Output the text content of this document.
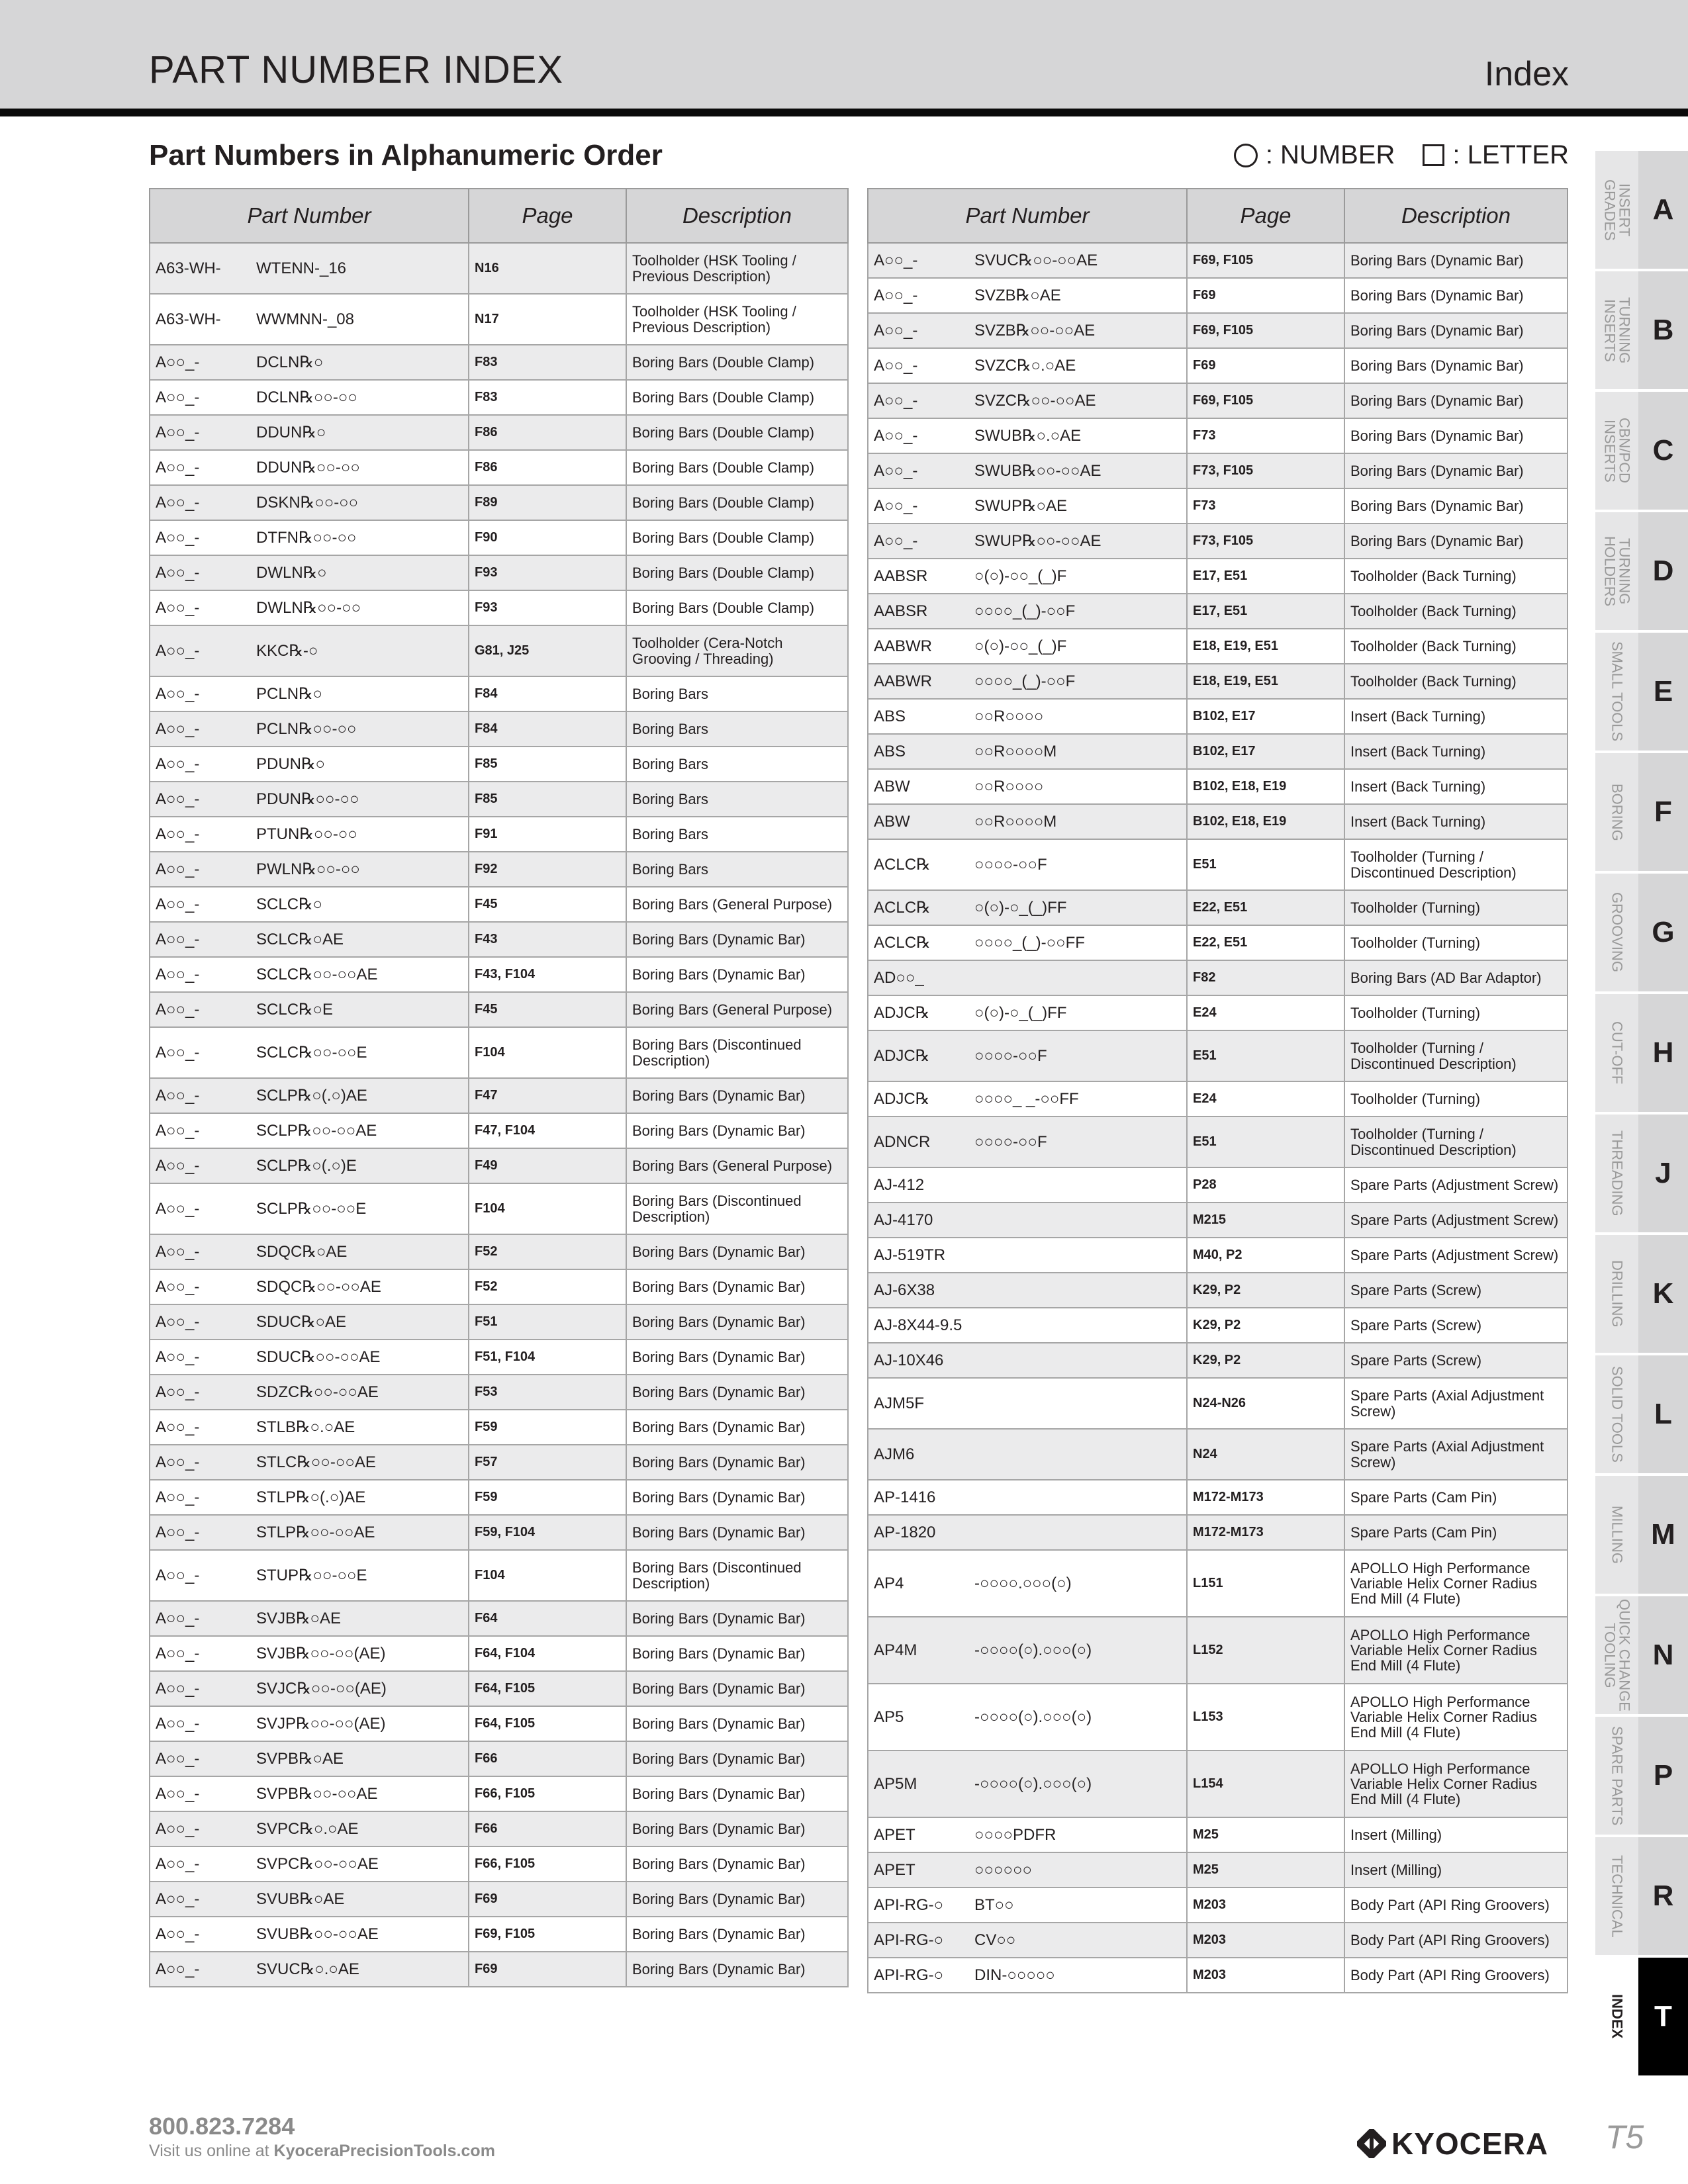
PART NUMBER INDEX	Index
Part Numbers in Alphanumeric Order	: NUMBER : LETTER
Part Number	Page	Description
A63-WH- WTENN-_16	N16	Toolholder (HSK Tooling / Previous Description)
A63-WH- WWMNN-_08	N17	Toolholder (HSK Tooling / Previous Description)
A○○_- DCLN℞○	F83	Boring Bars (Double Clamp)
A○○_- DCLN℞○○-○○	F83	Boring Bars (Double Clamp)
A○○_- DDUN℞○	F86	Boring Bars (Double Clamp)
A○○_- DDUN℞○○-○○	F86	Boring Bars (Double Clamp)
A○○_- DSKN℞○○-○○	F89	Boring Bars (Double Clamp)
A○○_- DTFN℞○○-○○	F90	Boring Bars (Double Clamp)
A○○_- DWLN℞○	F93	Boring Bars (Double Clamp)
A○○_- DWLN℞○○-○○	F93	Boring Bars (Double Clamp)
A○○_- KKC℞-○	G81, J25	Toolholder (Cera-Notch Grooving / Threading)
A○○_- PCLN℞○	F84	Boring Bars
A○○_- PCLN℞○○-○○	F84	Boring Bars
A○○_- PDUN℞○	F85	Boring Bars
A○○_- PDUN℞○○-○○	F85	Boring Bars
A○○_- PTUN℞○○-○○	F91	Boring Bars
A○○_- PWLN℞○○-○○	F92	Boring Bars
A○○_- SCLC℞○	F45	Boring Bars (General Purpose)
A○○_- SCLC℞○AE	F43	Boring Bars (Dynamic Bar)
A○○_- SCLC℞○○-○○AE	F43, F104	Boring Bars (Dynamic Bar)
A○○_- SCLC℞○E	F45	Boring Bars (General Purpose)
A○○_- SCLC℞○○-○○E	F104	Boring Bars (Discontinued Description)
A○○_- SCLP℞○(.○)AE	F47	Boring Bars (Dynamic Bar)
A○○_- SCLP℞○○-○○AE	F47, F104	Boring Bars (Dynamic Bar)
A○○_- SCLP℞○(.○)E	F49	Boring Bars (General Purpose)
A○○_- SCLP℞○○-○○E	F104	Boring Bars (Discontinued Description)
A○○_- SDQC℞○AE	F52	Boring Bars (Dynamic Bar)
A○○_- SDQC℞○○-○○AE	F52	Boring Bars (Dynamic Bar)
A○○_- SDUC℞○AE	F51	Boring Bars (Dynamic Bar)
A○○_- SDUC℞○○-○○AE	F51, F104	Boring Bars (Dynamic Bar)
A○○_- SDZC℞○○-○○AE	F53	Boring Bars (Dynamic Bar)
A○○_- STLB℞○.○AE	F59	Boring Bars (Dynamic Bar)
A○○_- STLC℞○○-○○AE	F57	Boring Bars (Dynamic Bar)
A○○_- STLP℞○(.○)AE	F59	Boring Bars (Dynamic Bar)
A○○_- STLP℞○○-○○AE	F59, F104	Boring Bars (Dynamic Bar)
A○○_- STUP℞○○-○○E	F104	Boring Bars (Discontinued Description)
A○○_- SVJB℞○AE	F64	Boring Bars (Dynamic Bar)
A○○_- SVJB℞○○-○○(AE)	F64, F104	Boring Bars (Dynamic Bar)
A○○_- SVJC℞○○-○○(AE)	F64, F105	Boring Bars (Dynamic Bar)
A○○_- SVJP℞○○-○○(AE)	F64, F105	Boring Bars (Dynamic Bar)
A○○_- SVPB℞○AE	F66	Boring Bars (Dynamic Bar)
A○○_- SVPB℞○○-○○AE	F66, F105	Boring Bars (Dynamic Bar)
A○○_- SVPC℞○.○AE	F66	Boring Bars (Dynamic Bar)
A○○_- SVPC℞○○-○○AE	F66, F105	Boring Bars (Dynamic Bar)
A○○_- SVUB℞○AE	F69	Boring Bars (Dynamic Bar)
A○○_- SVUB℞○○-○○AE	F69, F105	Boring Bars (Dynamic Bar)
A○○_- SVUC℞○.○AE	F69	Boring Bars (Dynamic Bar)
Part Number	Page	Description
A○○_- SVUC℞○○-○○AE	F69, F105	Boring Bars (Dynamic Bar)
A○○_- SVZB℞○AE	F69	Boring Bars (Dynamic Bar)
A○○_- SVZB℞○○-○○AE	F69, F105	Boring Bars (Dynamic Bar)
A○○_- SVZC℞○.○AE	F69	Boring Bars (Dynamic Bar)
A○○_- SVZC℞○○-○○AE	F69, F105	Boring Bars (Dynamic Bar)
A○○_- SWUB℞○.○AE	F73	Boring Bars (Dynamic Bar)
A○○_- SWUB℞○○-○○AE	F73, F105	Boring Bars (Dynamic Bar)
A○○_- SWUP℞○AE	F73	Boring Bars (Dynamic Bar)
A○○_- SWUP℞○○-○○AE	F73, F105	Boring Bars (Dynamic Bar)
AABSR ○(○)-○○_(_)F	E17, E51	Toolholder (Back Turning)
AABSR ○○○○_(_)-○○F	E17, E51	Toolholder (Back Turning)
AABWR ○(○)-○○_(_)F	E18, E19, E51	Toolholder (Back Turning)
AABWR ○○○○_(_)-○○F	E18, E19, E51	Toolholder (Back Turning)
ABS ○○R○○○○	B102, E17	Insert (Back Turning)
ABS ○○R○○○○M	B102, E17	Insert (Back Turning)
ABW ○○R○○○○	B102, E18, E19	Insert (Back Turning)
ABW ○○R○○○○M	B102, E18, E19	Insert (Back Turning)
ACLC℞ ○○○○-○○F	E51	Toolholder (Turning / Discontinued Description)
ACLC℞ ○(○)-○_(_)FF	E22, E51	Toolholder (Turning)
ACLC℞ ○○○○_(_)-○○FF	E22, E51	Toolholder (Turning)
AD○○_	F82	Boring Bars (AD Bar Adaptor)
ADJC℞ ○(○)-○_(_)FF	E24	Toolholder (Turning)
ADJC℞ ○○○○-○○F	E51	Toolholder (Turning / Discontinued Description)
ADJC℞ ○○○○_ _-○○FF	E24	Toolholder (Turning)
ADNCR ○○○○-○○F	E51	Toolholder (Turning / Discontinued Description)
AJ-412	P28	Spare Parts (Adjustment Screw)
AJ-4170	M215	Spare Parts (Adjustment Screw)
AJ-519TR	M40, P2	Spare Parts (Adjustment Screw)
AJ-6X38	K29, P2	Spare Parts (Screw)
AJ-8X44-9.5	K29, P2	Spare Parts (Screw)
AJ-10X46	K29, P2	Spare Parts (Screw)
AJM5F	N24-N26	Spare Parts (Axial Adjustment Screw)
AJM6	N24	Spare Parts (Axial Adjustment Screw)
AP-1416	M172-M173	Spare Parts (Cam Pin)
AP-1820	M172-M173	Spare Parts (Cam Pin)
AP4 -○○○○.○○○(○)	L151	APOLLO High Performance Variable Helix Corner Radius End Mill (4 Flute)
AP4M -○○○○(○).○○○(○)	L152	APOLLO High Performance Variable Helix Corner Radius End Mill (4 Flute)
AP5 -○○○○(○).○○○(○)	L153	APOLLO High Performance Variable Helix Corner Radius End Mill (4 Flute)
AP5M -○○○○(○).○○○(○)	L154	APOLLO High Performance Variable Helix Corner Radius End Mill (4 Flute)
APET ○○○○PDFR	M25	Insert (Milling)
APET ○○○○○○	M25	Insert (Milling)
API-RG-○ BT○○	M203	Body Part (API Ring Groovers)
API-RG-○ CV○○	M203	Body Part (API Ring Groovers)
API-RG-○ DIN-○○○○○	M203	Body Part (API Ring Groovers)
INSERT GRADES	A
TURNING INSERTS	B
CBN/PCD INSERTS	C
TURNING HOLDERS	D
SMALL TOOLS E
BORING F
GROOVING G
CUT-OFF H
THREADING	J
DRILLING K
SOLID TOOLS L
MILLING M
QUICK CHANGE TOOLING	N
SPARE PARTS P
TECHNICAL R
INDEX T
800.823.7284
Visit us online at KyoceraPrecisionTools.com	KYOCERA T5
